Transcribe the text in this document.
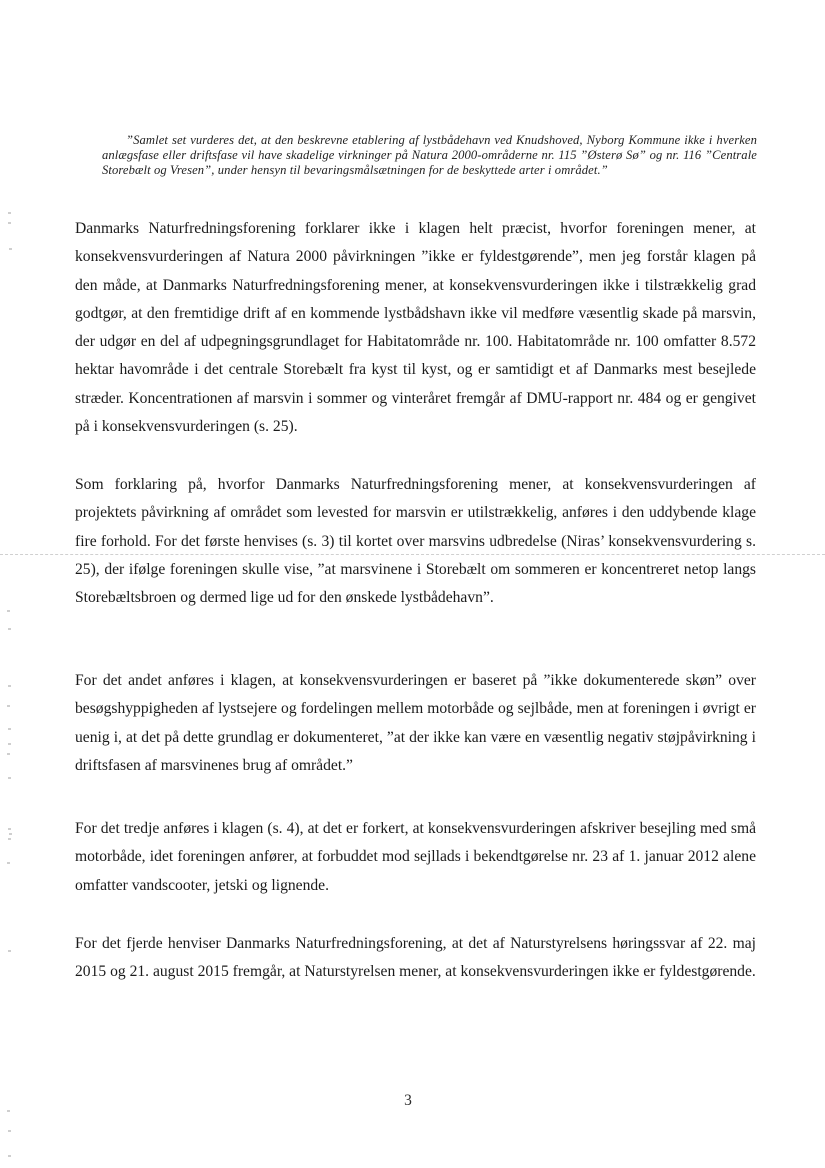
”Samlet set vurderes det, at den beskrevne etablering af lystbådehavn ved Knudshoved, Nyborg Kommune ikke i hverken anlægsfase eller driftsfase vil have skadelige virkninger på Natura 2000-områderne nr. 115 ”Østerø Sø” og nr. 116 ”Centrale Storebælt og Vresen”, under hensyn til bevaringsmålsætningen for de beskyttede arter i området.”

Danmarks Naturfredningsforening forklarer ikke i klagen helt præcist, hvorfor foreningen mener, at konsekvensvurderingen af Natura 2000 påvirkningen ”ikke er fyldestgørende”, men jeg forstår klagen på den måde, at Danmarks Naturfredningsforening mener, at konsekvensvurderingen ikke i tilstrækkelig grad godtgør, at den fremtidige drift af en kommende lystbådshavn ikke vil medføre væsentlig skade på marsvin, der udgør en del af udpegningsgrundlaget for Habitatområde nr. 100. Habitatområde nr. 100 omfatter 8.572 hektar havområde i det centrale Storebælt fra kyst til kyst, og er samtidigt et af Danmarks mest besejlede stræder. Koncentrationen af marsvin i sommer og vinteråret fremgår af DMU-rapport nr. 484 og er gengivet på i konsekvensvurderingen (s. 25).

Som forklaring på, hvorfor Danmarks Naturfredningsforening mener, at konsekvensvurderingen af projektets påvirkning af området som levested for marsvin er utilstrækkelig, anføres i den uddybende klage fire forhold. For det første henvises (s. 3) til kortet over marsvins udbredelse (Niras’ konsekvensvurdering s. 25), der ifølge foreningen skulle vise, ”at marsvinene i Storebælt om sommeren er koncentreret netop langs Storebæltsbroen og dermed lige ud for den ønskede lystbådehavn”.

For det andet anføres i klagen, at konsekvensvurderingen er baseret på ”ikke dokumenterede skøn” over besøgshyppigheden af lystsejere og fordelingen mellem motorbåde og sejlbåde, men at foreningen i øvrigt er uenig i, at det på dette grundlag er dokumenteret, ”at der ikke kan være en væsentlig negativ støjpåvirkning i driftsfasen af marsvinenes brug af området.”

For det tredje anføres i klagen (s. 4), at det er forkert, at konsekvensvurderingen afskriver besejling med små motorbåde, idet foreningen anfører, at forbuddet mod sejllads i bekendtgørelse nr. 23 af 1. januar 2012 alene omfatter vandscooter, jetski og lignende.

For det fjerde henviser Danmarks Naturfredningsforening, at det af Naturstyrelsens høringssvar af 22. maj 2015 og 21. august 2015 fremgår, at Naturstyrelsen mener, at konsekvensvurderingen ikke er fyldestgørende.

3
